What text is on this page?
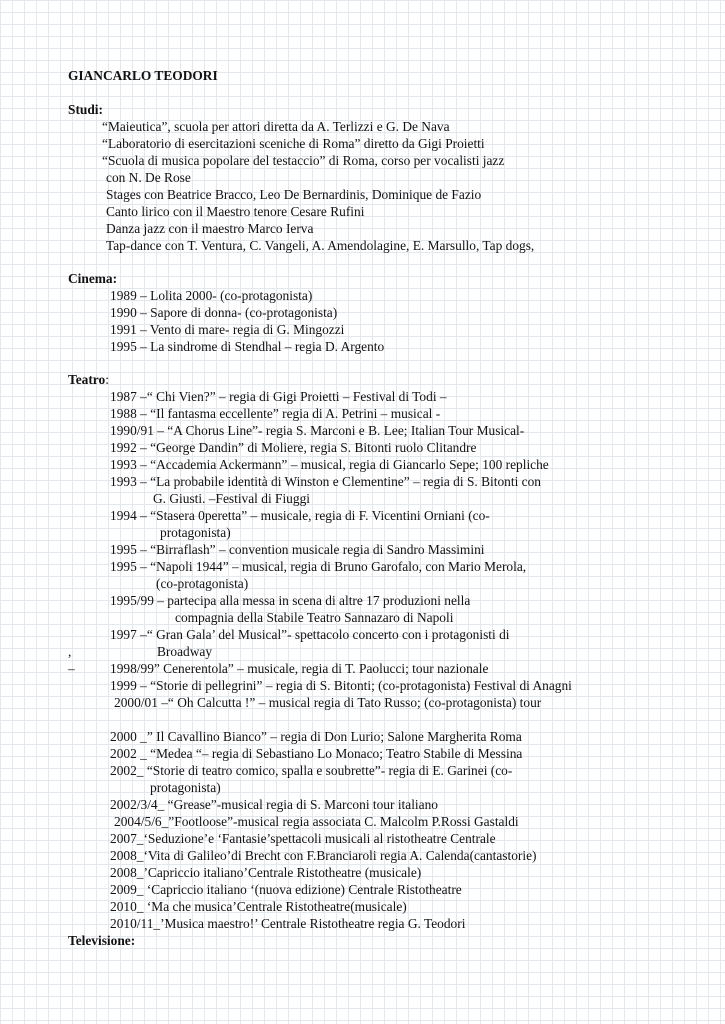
GIANCARLO TEODORI
Studi:
“Maieutica”, scuola per attori diretta da A. Terlizzi e G. De Nava
“Laboratorio di esercitazioni sceniche di Roma” diretto da Gigi Proietti
“Scuola di musica popolare del testaccio” di Roma, corso per vocalisti jazz
con N. De Rose
Stages con Beatrice Bracco, Leo De Bernardinis, Dominique de Fazio
Canto lirico con il Maestro tenore Cesare Rufini
Danza jazz con il maestro Marco Ierva
Tap-dance con T. Ventura, C. Vangeli, A. Amendolagine, E. Marsullo, Tap dogs,
Cinema:
1989 – Lolita 2000- (co-protagonista)
1990 – Sapore di donna- (co-protagonista)
1991 – Vento di mare- regia di G. Mingozzi
1995 – La sindrome di Stendhal – regia D. Argento
Teatro:
1987 –“ Chi Vien?” – regia di Gigi Proietti – Festival di Todi –
1988 – “Il fantasma eccellente” regia di A. Petrini – musical -
1990/91 – “A Chorus Line”- regia S. Marconi e B. Lee; Italian Tour Musical-
1992 – “George Dandin” di Moliere, regia S. Bitonti ruolo Clitandre
1993 – “Accademia Ackermann” – musical, regia di Giancarlo Sepe; 100 repliche
1993 – “La probabile identità di Winston e Clementine” – regia di S. Bitonti con
G. Giusti. –Festival di Fiuggi
1994 – “Stasera 0peretta” – musicale, regia di F. Vicentini Orniani (co-
protagonista)
1995 – “Birraflash” – convention musicale regia di Sandro Massimini
1995 – “Napoli 1944” – musical, regia di Bruno Garofalo, con Mario Merola,
(co-protagonista)
1995/99 – partecipa alla messa in scena di altre 17 produzioni nella
compagnia della Stabile Teatro Sannazaro di Napoli
1997 –“ Gran Gala’ del Musical”- spettacolo concerto con i protagonisti di
,	Broadway
–	1998/99” Cenerentola” – musicale, regia di T. Paolucci; tour nazionale
1999 – “Storie di pellegrini” – regia di S. Bitonti; (co-protagonista) Festival di Anagni
2000/01 –“ Oh Calcutta !” – musical regia di Tato Russo; (co-protagonista) tour
2000 _” Il Cavallino Bianco” – regia di Don Lurio; Salone Margherita Roma
2002 _ “Medea “– regia di Sebastiano Lo Monaco; Teatro Stabile di Messina
2002_ “Storie di teatro comico, spalla e soubrette”- regia di E. Garinei (co-
protagonista)
2002/3/4_ “Grease”-musical regia di S. Marconi tour italiano
2004/5/6_”Footloose”-musical regia associata C. Malcolm P.Rossi Gastaldi
2007_‘Seduzione’e ‘Fantasie’spettacoli musicali al ristotheatre Centrale
2008_‘Vita di Galileo’di Brecht con F.Branciaroli regia A. Calenda(cantastorie)
2008_’Capriccio italiano’Centrale Ristotheatre (musicale)
2009_ ‘Capriccio italiano ‘(nuova edizione) Centrale Ristotheatre
2010_ ‘Ma che musica’Centrale Ristotheatre(musicale)
2010/11_’Musica maestro!’ Centrale Ristotheatre regia G. Teodori
Televisione:
